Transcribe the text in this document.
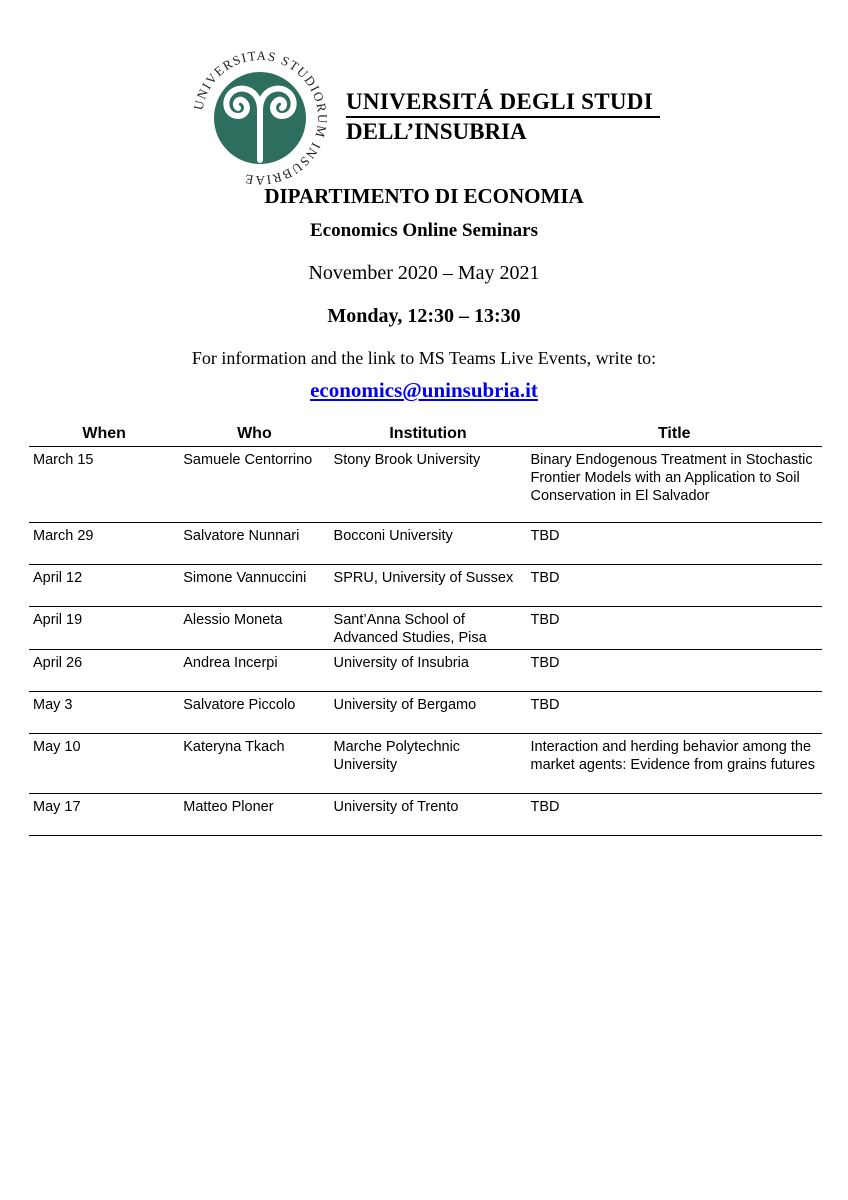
UNIVERSITAS STUDIORUM INSUBRIAE
UNIVERSITÁ DEGLI STUDI
DELL’INSUBRIA
DIPARTIMENTO DI ECONOMIA
Economics Online Seminars
November 2020 – May 2021
Monday, 12:30 – 13:30
For information and the link to MS Teams Live Events, write to:
economics@uninsubria.it
When	Who	Institution	Title
March 15	Samuele Centorrino	Stony Brook University	Binary Endogenous Treatment in Stochastic Frontier Models with an Application to Soil Conservation in El Salvador
March 29	Salvatore Nunnari	Bocconi University	TBD
April 12	Simone Vannuccini	SPRU, University of Sussex	TBD
April 19	Alessio Moneta	Sant’Anna School of Advanced Studies, Pisa	TBD
April 26	Andrea Incerpi	University of Insubria	TBD
May 3	Salvatore Piccolo	University of Bergamo	TBD
May 10	Kateryna Tkach	Marche Polytechnic University	Interaction and herding behavior among the market agents: Evidence from grains futures
May 17	Matteo Ploner	University of Trento	TBD
